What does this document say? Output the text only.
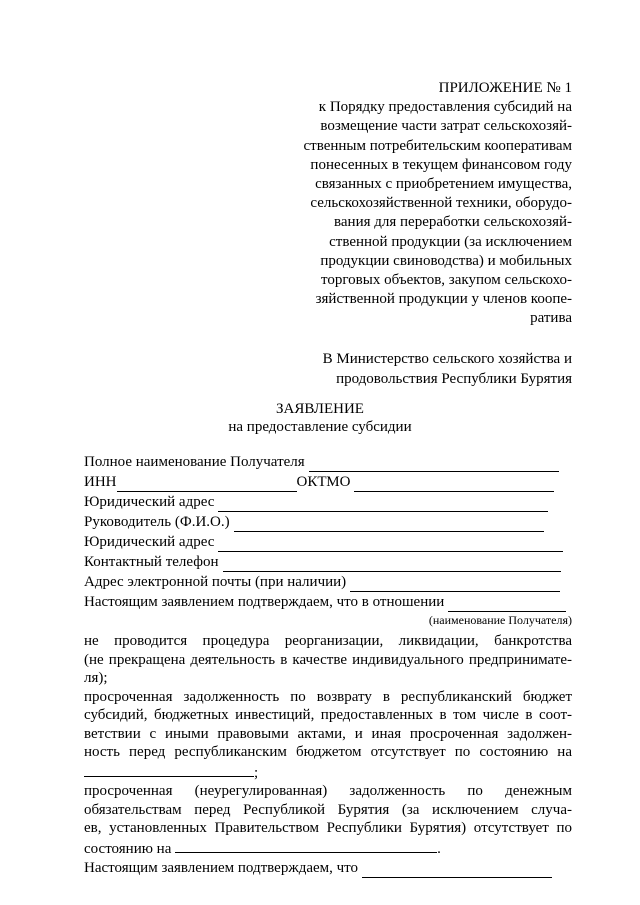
ПРИЛОЖЕНИЕ № 1
к Порядку предоставления субсидий на
возмещение части затрат сельскохозяй-
ственным потребительским кооперативам
понесенных в текущем финансовом году
связанных с приобретением имущества,
сельскохозяйственной техники, оборудо-
вания для переработки сельскохозяй-
ственной продукции (за исключением
продукции свиноводства) и мобильных
торговых объектов, закупом сельскохо-
зяйственной продукции у членов коопе-
ратива
В Министерство сельского хозяйства и
продовольствия Республики Бурятия
ЗАЯВЛЕНИЕ
на предоставление субсидии
Полное наименование Получателя
ИНН	ОКТМО
Юридический адрес
Руководитель (Ф.И.О.)
Юридический адрес
Контактный телефон
Адрес электронной почты (при наличии)
Настоящим заявлением подтверждаем, что в отношении
(наименование Получателя)
не проводится процедура реорганизации, ликвидации, банкротства
(не прекращена деятельность в качестве индивидуального предпринимате-
ля);
просроченная задолженность по возврату в республиканский бюджет
субсидий, бюджетных инвестиций, предоставленных в том числе в соот-
ветствии с иными правовыми актами, и иная просроченная задолжен-
ность перед республиканским бюджетом отсутствует по состоянию на
;
просроченная (неурегулированная) задолженность по денежным
обязательствам перед Республикой Бурятия (за исключением случа-
ев, установленных Правительством Республики Бурятия) отсутствует по
состоянию на	.
Настоящим заявлением подтверждаем, что
